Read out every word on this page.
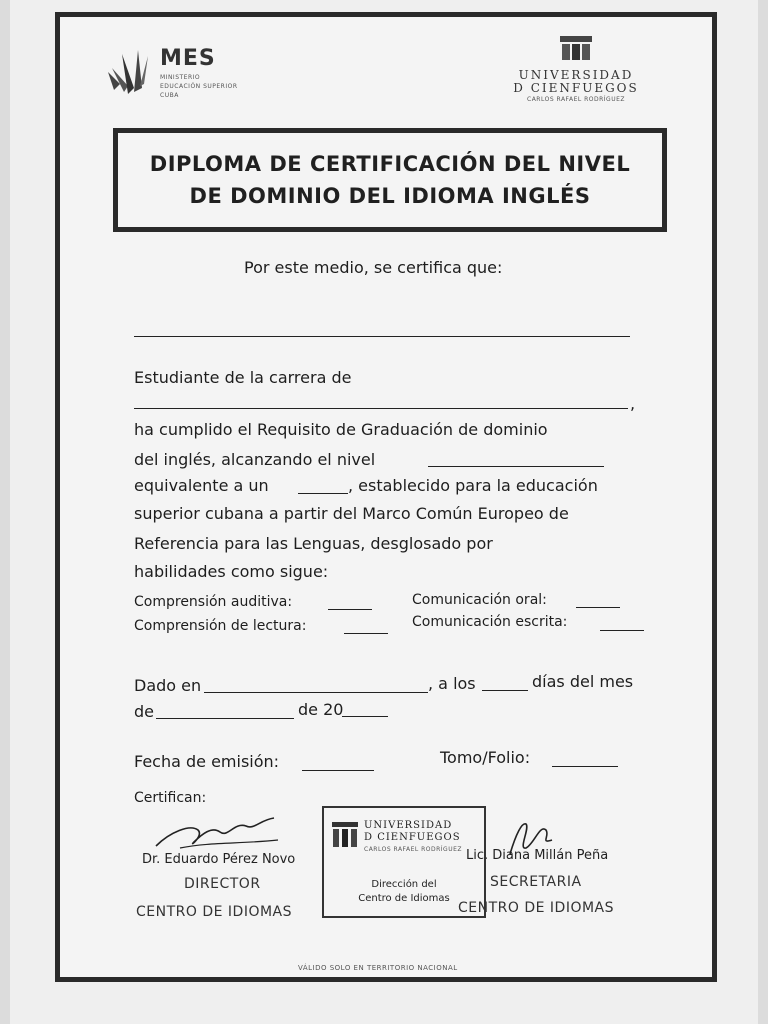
MES
MINISTERIO
EDUCACIÓN SUPERIOR
CUBA
UNIVERSIDAD
D CIENFUEGOS
CARLOS RAFAEL RODRÍGUEZ
DIPLOMA DE CERTIFICACIÓN DEL NIVEL
DE DOMINIO DEL IDIOMA INGLÉS
Por este medio, se certifica que:
Estudiante de la carrera de
,
ha cumplido el Requisito de Graduación de dominio
del inglés, alcanzando el nivel
equivalente a un	, establecido para la educación
superior cubana a partir del Marco Común Europeo de
Referencia para las Lenguas, desglosado por
habilidades como sigue:
Comprensión auditiva:	Comunicación oral:
Comprensión de lectura:	Comunicación escrita:
Dado en	, a los	días del mes
de	de 20
Fecha de emisión:	Tomo/Folio:
Certifican:
Dr. Eduardo Pérez Novo
DIRECTOR
CENTRO DE IDIOMAS
Lic. Diana Millán Peña
SECRETARIA
CENTRO DE IDIOMAS
UNIVERSIDAD
D CIENFUEGOS
CARLOS RAFAEL RODRÍGUEZ
Dirección del
Centro de Idiomas
VÁLIDO SOLO EN TERRITORIO NACIONAL
